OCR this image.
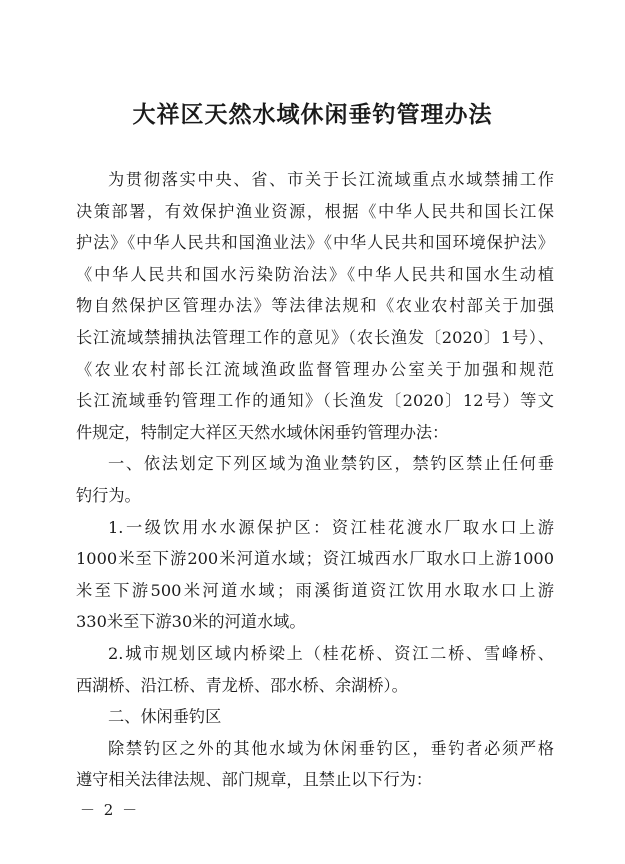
大祥区天然水域休闲垂钓管理办法
为贯彻落实中央、省、市关于长江流域重点水域禁捕工作
决策部署，有效保护渔业资源，根据《中华人民共和国长江保
护法》《中华人民共和国渔业法》《中华人民共和国环境保护法》
《中华人民共和国水污染防治法》《中华人民共和国水生动植
物自然保护区管理办法》等法律法规和《农业农村部关于加强
长江流域禁捕执法管理工作的意见》（农长渔发〔2020〕1号）、
《农业农村部长江流域渔政监督管理办公室关于加强和规范
长江流域垂钓管理工作的通知》（长渔发〔2020〕12号）等文
件规定，特制定大祥区天然水域休闲垂钓管理办法：
一、依法划定下列区域为渔业禁钓区，禁钓区禁止任何垂
钓行为。
1.一级饮用水水源保护区：资江桂花渡水厂取水口上游
1000米至下游200米河道水域；资江城西水厂取水口上游1000
米至下游500米河道水域；雨溪街道资江饮用水取水口上游
330米至下游30米的河道水域。
2.城市规划区域内桥梁上（桂花桥、资江二桥、雪峰桥、
西湖桥、沿江桥、青龙桥、邵水桥、余湖桥）。
二、休闲垂钓区
除禁钓区之外的其他水域为休闲垂钓区，垂钓者必须严格
遵守相关法律法规、部门规章，且禁止以下行为：
－ 2 －
